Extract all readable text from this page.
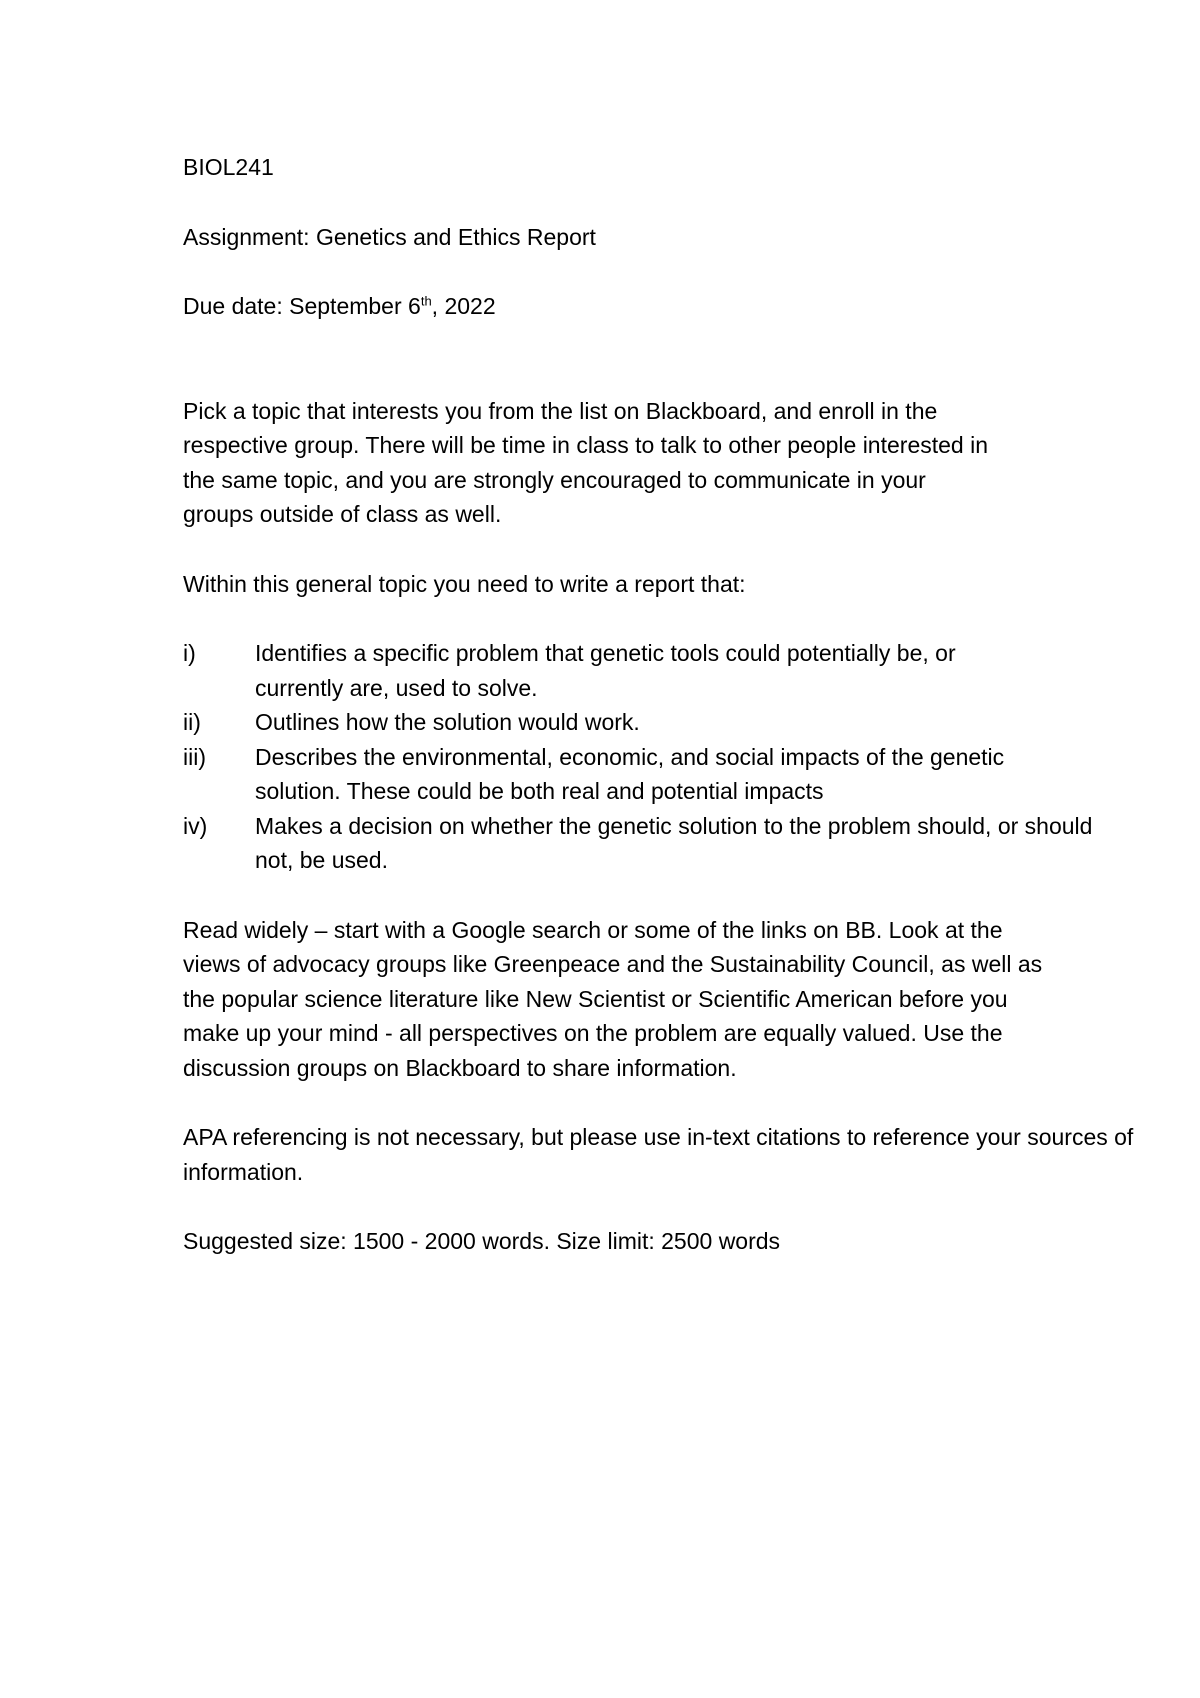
BIOL241

Assignment: Genetics and Ethics Report

Due date: September 6th, 2022

Pick a topic that interests you from the list on Blackboard, and enroll in the respective group. There will be time in class to talk to other people interested in the same topic, and you are strongly encouraged to communicate in your groups outside of class as well.

Within this general topic you need to write a report that:

i)	Identifies a specific problem that genetic tools could potentially be, or currently are, used to solve.
ii)	Outlines how the solution would work.
iii)	Describes the environmental, economic, and social impacts of the genetic solution. These could be both real and potential impacts
iv)	Makes a decision on whether the genetic solution to the problem should, or should not, be used.

Read widely – start with a Google search or some of the links on BB. Look at the views of advocacy groups like Greenpeace and the Sustainability Council, as well as the popular science literature like New Scientist or Scientific American before you make up your mind - all perspectives on the problem are equally valued. Use the discussion groups on Blackboard to share information.

APA referencing is not necessary, but please use in-text citations to reference your sources of information.

Suggested size: 1500 - 2000 words. Size limit: 2500 words
